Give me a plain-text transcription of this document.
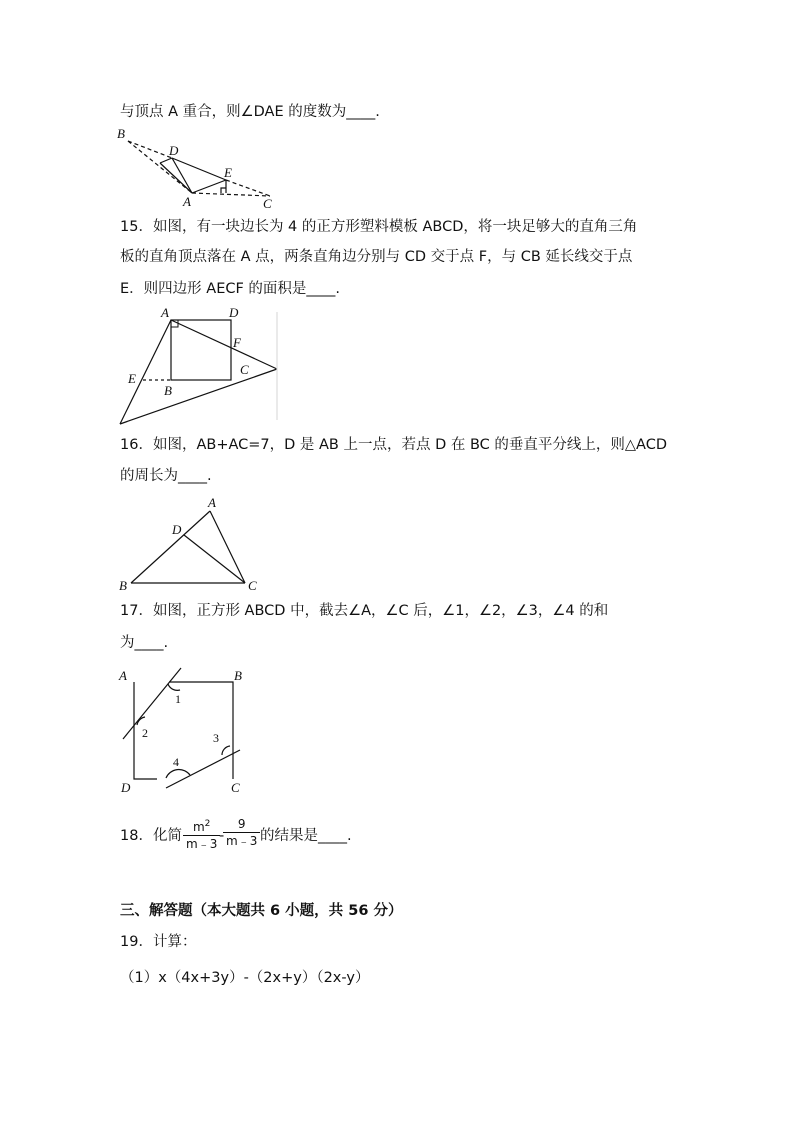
与顶点 A 重合，则∠DAE 的度数为____.
B
D
E
A	C
15．如图，有一块边长为 4 的正方形塑料模板 ABCD，将一块足够大的直角三角
板的直角顶点落在 A 点，两条直角边分别与 CD 交于点 F，与 CB 延长线交于点
E．则四边形 AECF 的面积是____.
A	D
F
C
E
B
16．如图，AB+AC=7，D 是 AB 上一点，若点 D 在 BC 的垂直平分线上，则△ACD
的周长为____.
A
D
B	C
17．如图，正方形 ABCD 中，截去∠A，∠C 后，∠1，∠2，∠3，∠4 的和
为____.
A	B
D	C
1
2	3
4
18．化简 $\frac{m^2}{m﹣3}$
-
$\frac{9}{m﹣3}$ 的结果是____.
三、解答题（本大题共 6 小题，共 56 分）
19．计算：
（1）x（4x+3y）-（2x+y）（2x-y）
